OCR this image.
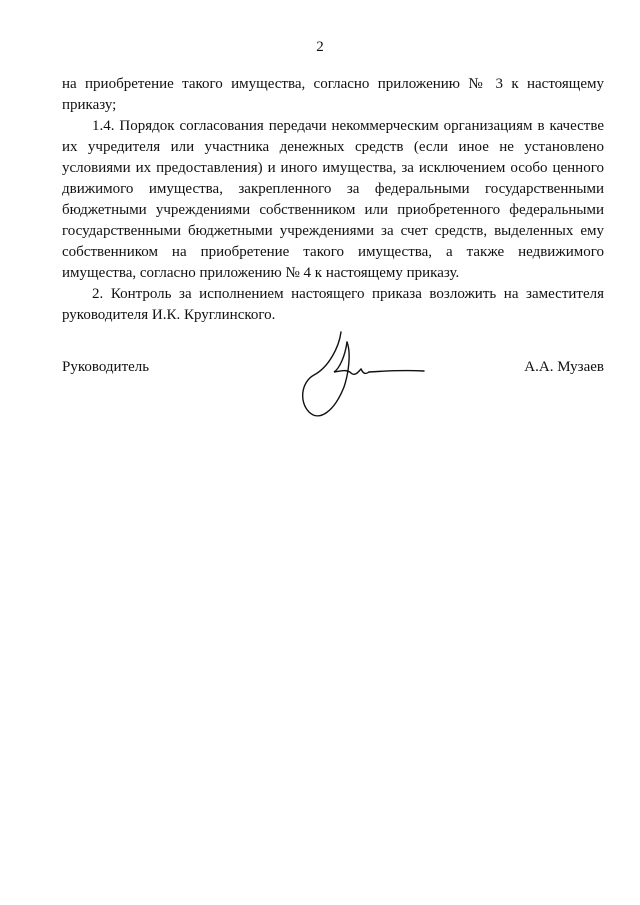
2

на приобретение такого имущества, согласно приложению № 3 к настоящему приказу;

1.4. Порядок согласования передачи некоммерческим организациям в качестве их учредителя или участника денежных средств (если иное не установлено условиями их предоставления) и иного имущества, за исключением особо ценного движимого имущества, закрепленного за федеральными государственными бюджетными учреждениями собственником или приобретенного федеральными государственными бюджетными учреждениями за счет средств, выделенных ему собственником на приобретение такого имущества, а также недвижимого имущества, согласно приложению № 4 к настоящему приказу.

2. Контроль за исполнением настоящего приказа возложить на заместителя руководителя И.К. Круглинского.

Руководитель	А.А. Музаев
